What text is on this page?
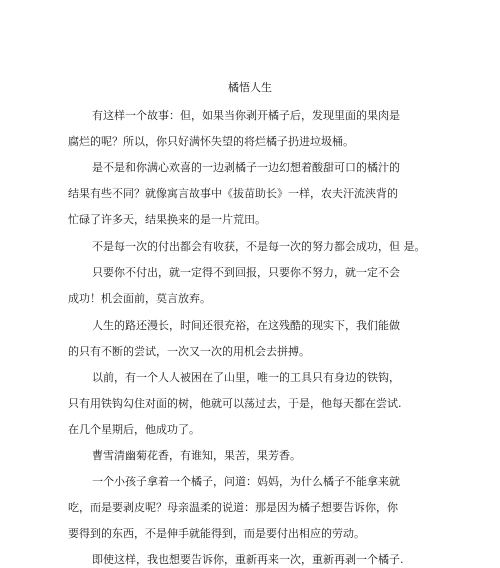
橘悟人生
有这样一个故事：但，如果当你剥开橘子后，发现里面的果肉是
腐烂的呢？所以，你只好满怀失望的将烂橘子扔进垃圾桶。
是不是和你满心欢喜的一边剥橘子一边幻想着酸甜可口的橘汁的
结果有些不同？就像寓言故事中《拔苗助长》一样，农夫汗流浃背的
忙碌了许多天，结果换来的是一片荒田。
不是每一次的付出都会有收获，不是每一次的努力都会成功，但 是。
只要你不付出，就一定得不到回报，只要你不努力，就一定不会
成功！机会面前，莫言放弃。
人生的路还漫长，时间还很充裕，在这残酷的现实下，我们能做
的只有不断的尝试，一次又一次的用机会去拼搏。
以前，有一个人人被困在了山里，唯一的工具只有身边的铁钩，
只有用铁钩勾住对面的树，他就可以荡过去，于是，他每天都在尝试.
在几个星期后，他成功了。
曹雪清幽菊花香，有谁知，果苦，果芳香。
一个小孩子拿着一个橘子，问道：妈妈，为什么橘子不能拿来就
吃，而是要剥皮呢？母亲温柔的说道：那是因为橘子想要告诉你，你
要得到的东西，不是伸手就能得到，而是要付出相应的劳动。
即使这样，我也想要告诉你，重新再来一次，重新再剥一个橘子.
